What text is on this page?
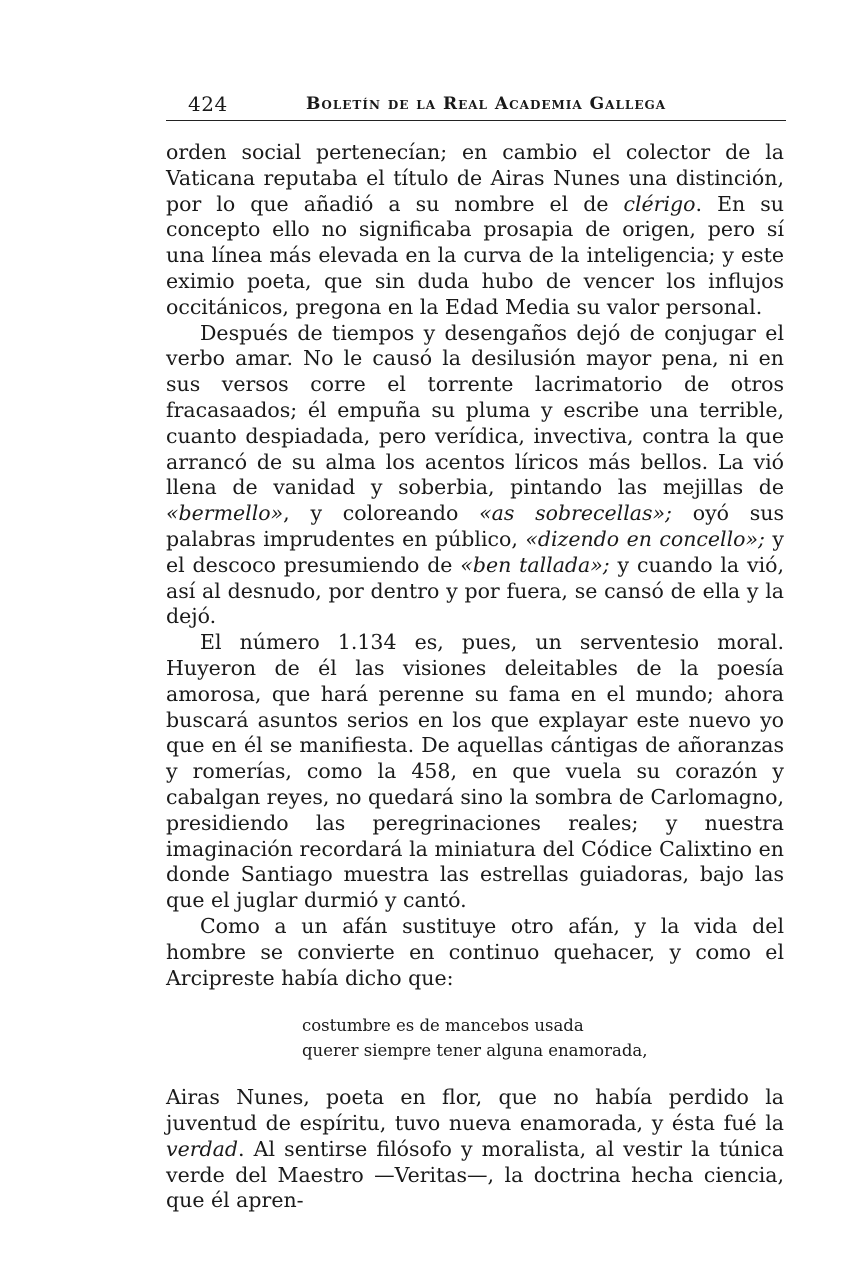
424	Boletín de la Real Academia Gallega

orden social pertenecían; en cambio el colector de la Vaticana reputaba el título de Airas Nunes una distinción, por lo que añadió a su nombre el de clérigo. En su concepto ello no significaba prosapia de origen, pero sí una línea más elevada en la curva de la inteligencia; y este eximio poeta, que sin duda hubo de vencer los influjos occitánicos, pregona en la Edad Media su valor personal.

Después de tiempos y desengaños dejó de conjugar el verbo amar. No le causó la desilusión mayor pena, ni en sus versos corre el torrente lacrimatorio de otros fracasaados; él empuña su pluma y escribe una terrible, cuanto despiadada, pero verídica, invectiva, contra la que arrancó de su alma los acentos líricos más bellos. La vió llena de vanidad y soberbia, pintando las mejillas de «bermello», y coloreando «as sobrecellas»; oyó sus palabras imprudentes en público, «dizendo en concello»; y el descoco presumiendo de «ben tallada»; y cuando la vió, así al desnudo, por dentro y por fuera, se cansó de ella y la dejó.

El número 1.134 es, pues, un serventesio moral. Huyeron de él las visiones deleitables de la poesía amorosa, que hará perenne su fama en el mundo; ahora buscará asuntos serios en los que explayar este nuevo yo que en él se manifiesta. De aquellas cántigas de añoranzas y romerías, como la 458, en que vuela su corazón y cabalgan reyes, no quedará sino la sombra de Carlomagno, presidiendo las peregrinaciones reales; y nuestra imaginación recordará la miniatura del Códice Calixtino en donde Santiago muestra las estrellas guiadoras, bajo las que el juglar durmió y cantó.

Como a un afán sustituye otro afán, y la vida del hombre se convierte en continuo quehacer, y como el Arcipreste había dicho que:

costumbre es de mancebos usada
querer siempre tener alguna enamorada,

Airas Nunes, poeta en flor, que no había perdido la juventud de espíritu, tuvo nueva enamorada, y ésta fué la verdad. Al sentirse filósofo y moralista, al vestir la túnica verde del Maestro —Veritas—, la doctrina hecha ciencia, que él apren-
